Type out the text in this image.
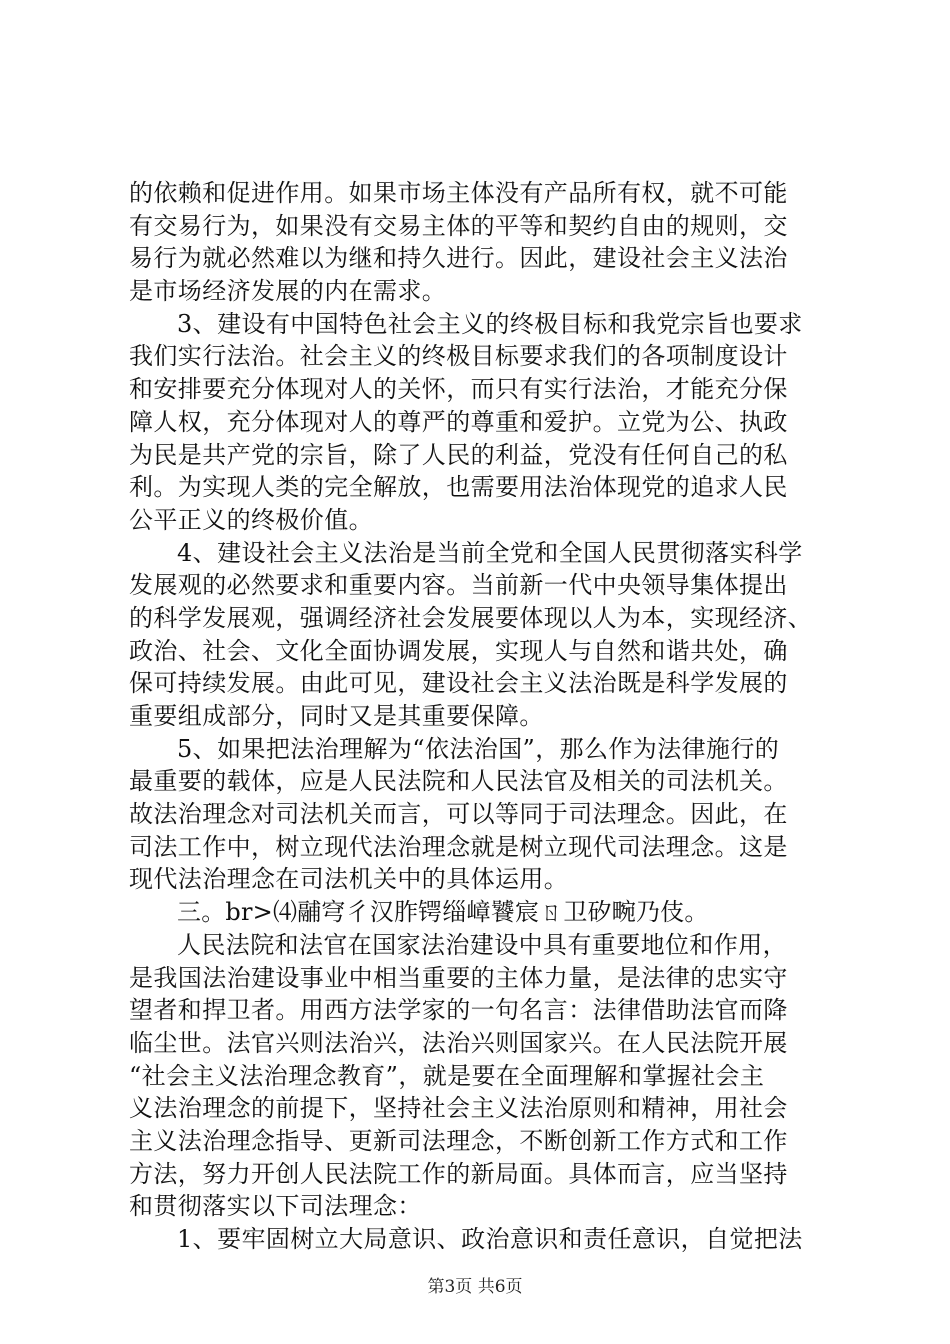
的依赖和促进作用。如果市场主体没有产品所有权，就不可能
有交易行为，如果没有交易主体的平等和契约自由的规则，交
易行为就必然难以为继和持久进行。因此，建设社会主义法治
是市场经济发展的内在需求。
3、建设有中国特色社会主义的终极目标和我党宗旨也要求
我们实行法治。社会主义的终极目标要求我们的各项制度设计
和安排要充分体现对人的关怀，而只有实行法治，才能充分保
障人权，充分体现对人的尊严的尊重和爱护。立党为公、执政
为民是共产党的宗旨，除了人民的利益，党没有任何自己的私
利。为实现人类的完全解放，也需要用法治体现党的追求人民
公平正义的终极价值。
4、建设社会主义法治是当前全党和全国人民贯彻落实科学
发展观的必然要求和重要内容。当前新一代中央领导集体提出
的科学发展观，强调经济社会发展要体现以人为本，实现经济、
政治、社会、文化全面协调发展，实现人与自然和谐共处，确
保可持续发展。由此可见，建设社会主义法治既是科学发展的
重要组成部分，同时又是其重要保障。
5、如果把法治理解为“依法治国”，那么作为法律施行的
最重要的载体，应是人民法院和人民法官及相关的司法机关。
故法治理念对司法机关而言，可以等同于司法理念。因此，在
司法工作中，树立现代法治理念就是树立现代司法理念。这是
现代法治理念在司法机关中的具体运用。
三。br>⑷鬴穹彳汉胙锷缁嶂饕宸ㄖ卫矽畹乃伎。
人民法院和法官在国家法治建设中具有重要地位和作用，
是我国法治建设事业中相当重要的主体力量，是法律的忠实守
望者和捍卫者。用西方法学家的一句名言：法律借助法官而降
临尘世。法官兴则法治兴，法治兴则国家兴。在人民法院开展
“社会主义法治理念教育”，就是要在全面理解和掌握社会主
义法治理念的前提下，坚持社会主义法治原则和精神，用社会
主义法治理念指导、更新司法理念，不断创新工作方式和工作
方法，努力开创人民法院工作的新局面。具体而言，应当坚持
和贯彻落实以下司法理念：
1、要牢固树立大局意识、政治意识和责任意识，自觉把法
第3页 共6页
